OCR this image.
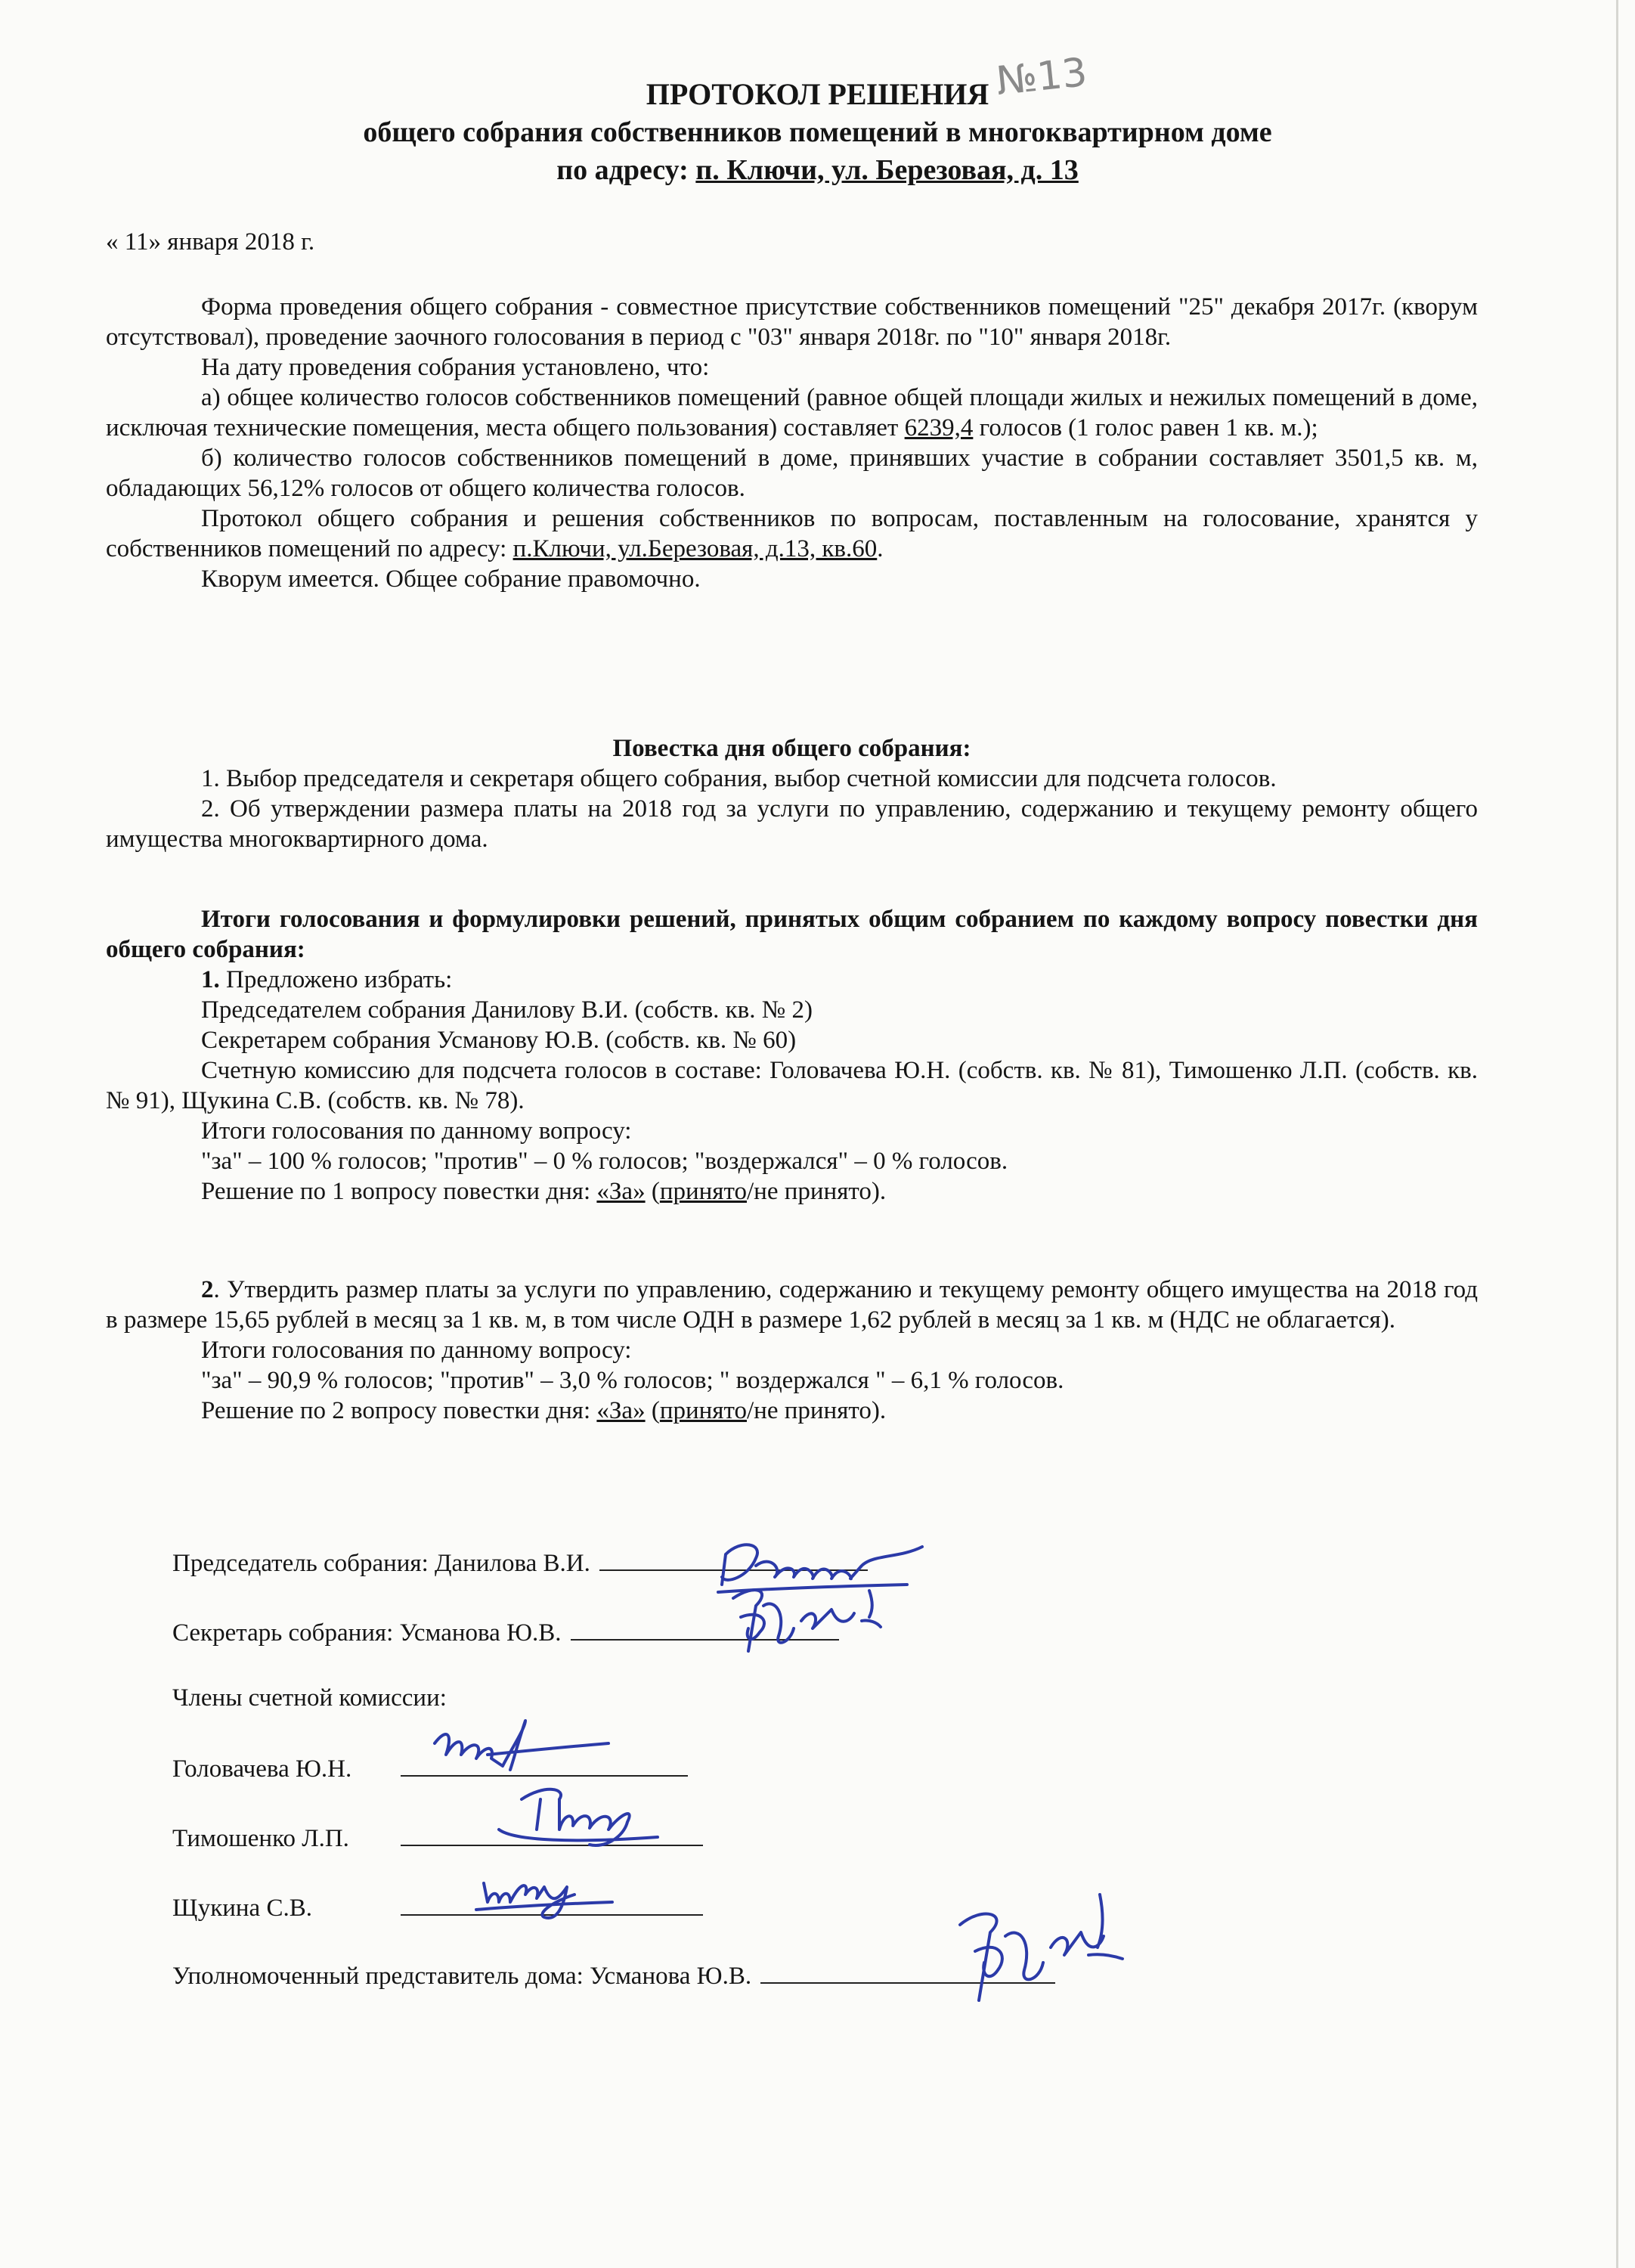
ПРОТОКОЛ РЕШЕНИЯ
общего собрания собственников помещений в многоквартирном доме
по адресу: п. Ключи, ул. Березовая, д. 13
№13
« 11» января 2018 г.

Форма проведения общего собрания - совместное присутствие собственников помещений "25" декабря 2017г. (кворум отсутствовал), проведение заочного голосования в период с "03" января 2018г. по "10" января 2018г.

На дату проведения собрания установлено, что:

а) общее количество голосов собственников помещений (равное общей площади жилых и нежилых помещений в доме, исключая технические помещения, места общего пользования) составляет 6239,4 голосов (1 голос равен 1 кв. м.);

б) количество голосов собственников помещений в доме, принявших участие в собрании составляет 3501,5 кв. м, обладающих 56,12% голосов от общего количества голосов.

Протокол общего собрания и решения собственников по вопросам, поставленным на голосование, хранятся у собственников помещений по адресу: п.Ключи, ул.Березовая, д.13, кв.60.

Кворум имеется. Общее собрание правомочно.

Повестка дня общего собрания:

1. Выбор председателя и секретаря общего собрания, выбор счетной комиссии для подсчета голосов.

2. Об утверждении размера платы на 2018 год за услуги по управлению, содержанию и текущему ремонту общего имущества многоквартирного дома.

Итоги голосования и формулировки решений, принятых общим собранием по каждому вопросу повестки дня общего собрания:

1. Предложено избрать:

Председателем собрания Данилову В.И. (собств. кв. № 2)

Секретарем собрания Усманову Ю.В. (собств. кв. № 60)

Счетную комиссию для подсчета голосов в составе: Головачева Ю.Н. (собств. кв. № 81), Тимошенко Л.П. (собств. кв. № 91), Щукина С.В. (собств. кв. № 78).

Итоги голосования по данному вопросу:

"за" – 100 % голосов; "против" – 0 % голосов; "воздержался" – 0 % голосов.

Решение по 1 вопросу повестки дня: «За» (принято/не принято).

2. Утвердить размер платы за услуги по управлению, содержанию и текущему ремонту общего имущества на 2018 год в размере 15,65 рублей в месяц за 1 кв. м, в том числе ОДН в размере 1,62 рублей в месяц за 1 кв. м (НДС не облагается).

Итоги голосования по данному вопросу:

"за" – 90,9 % голосов; "против" – 3,0 % голосов; " воздержался " – 6,1 % голосов.

Решение по 2 вопросу повестки дня: «За» (принято/не принято).

Председатель собрания: Данилова В.И.
Секретарь собрания: Усманова Ю.В.
Члены счетной комиссии:
Головачева Ю.Н.
Тимошенко Л.П.
Щукина С.В.
Уполномоченный представитель дома: Усманова Ю.В.
